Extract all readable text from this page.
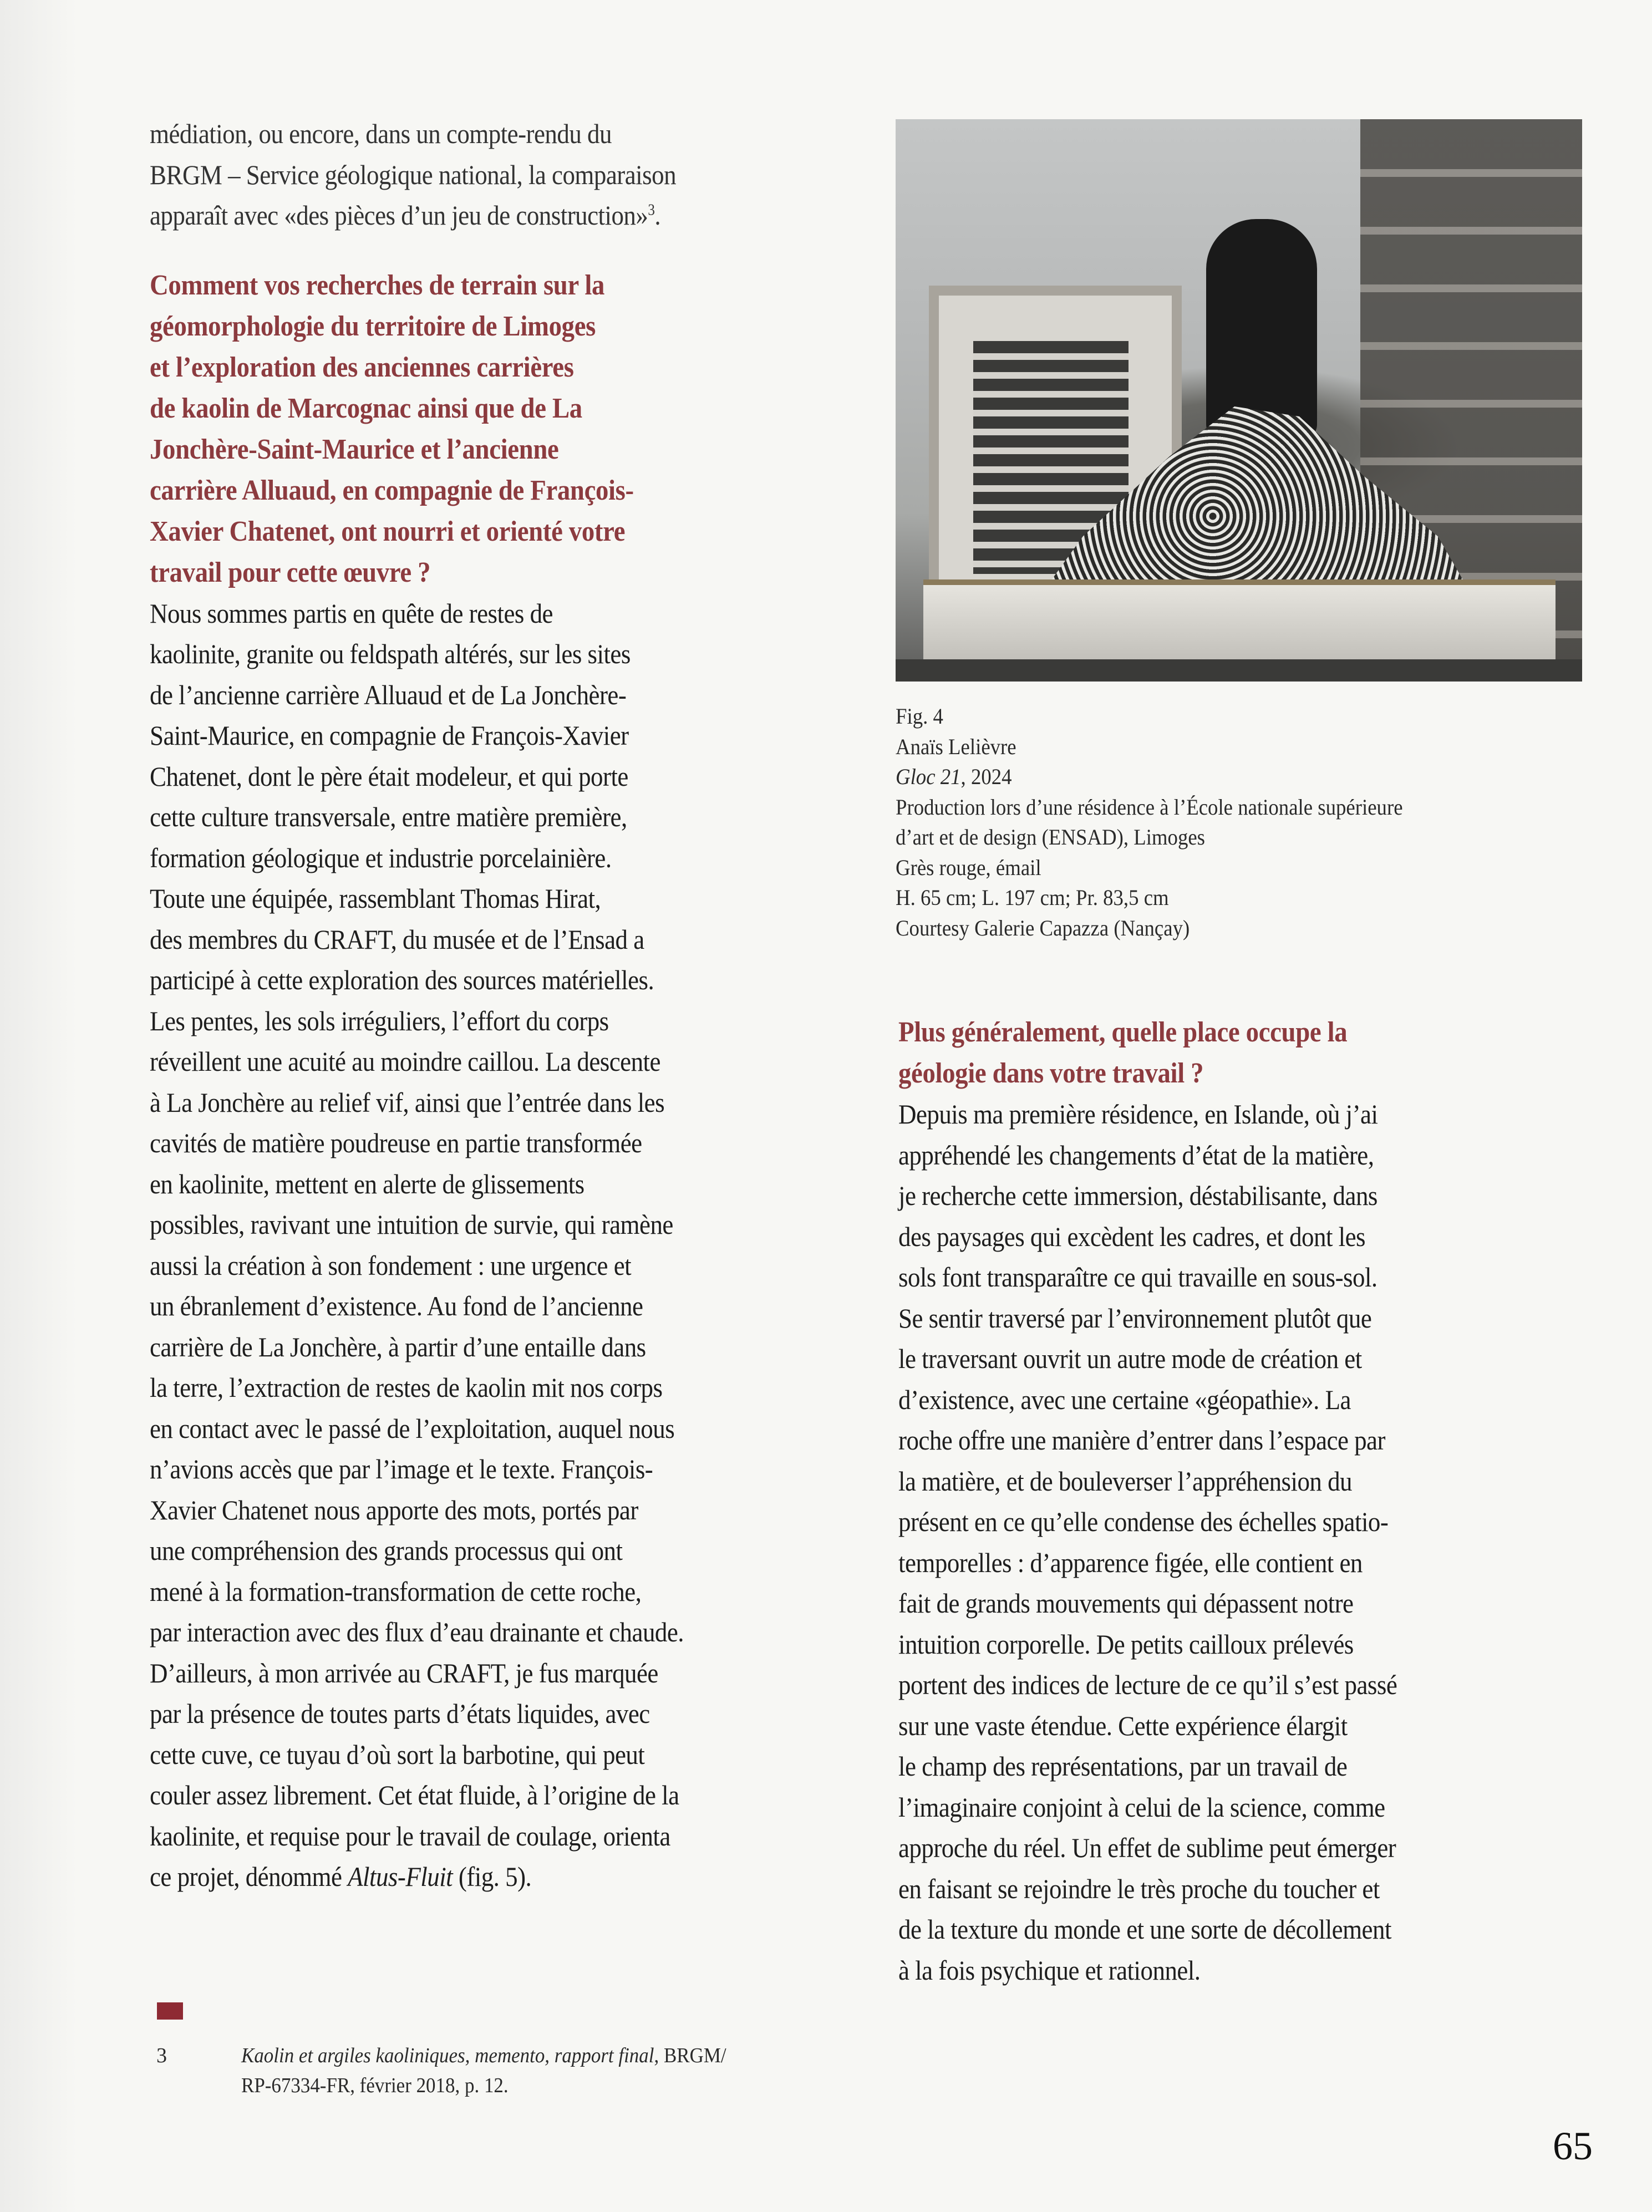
médiation, ou encore, dans un compte-rendu du
BRGM – Service géologique national, la comparaison
apparaît avec «des pièces d’un jeu de construction»$^3$.
Comment vos recherches de terrain sur la
géomorphologie du territoire de Limoges
et l’exploration des anciennes carrières
de kaolin de Marcognac ainsi que de La
Jonchère-Saint-Maurice et l’ancienne
carrière Alluaud, en compagnie de François-
Xavier Chatenet, ont nourri et orienté votre
travail pour cette œuvre ?
Nous sommes partis en quête de restes de
kaolinite, granite ou feldspath altérés, sur les sites
de l’ancienne carrière Alluaud et de La Jonchère-
Saint-Maurice, en compagnie de François-Xavier
Chatenet, dont le père était modeleur, et qui porte
cette culture transversale, entre matière première,
formation géologique et industrie porcelainière.
Toute une équipée, rassemblant Thomas Hirat,
des membres du CRAFT, du musée et de l’Ensad a
participé à cette exploration des sources matérielles.
Les pentes, les sols irréguliers, l’effort du corps
réveillent une acuité au moindre caillou. La descente
à La Jonchère au relief vif, ainsi que l’entrée dans les
cavités de matière poudreuse en partie transformée
en kaolinite, mettent en alerte de glissements
possibles, ravivant une intuition de survie, qui ramène
aussi la création à son fondement : une urgence et
un ébranlement d’existence. Au fond de l’ancienne
carrière de La Jonchère, à partir d’une entaille dans
la terre, l’extraction de restes de kaolin mit nos corps
en contact avec le passé de l’exploitation, auquel nous
n’avions accès que par l’image et le texte. François-
Xavier Chatenet nous apporte des mots, portés par
une compréhension des grands processus qui ont
mené à la formation-transformation de cette roche,
par interaction avec des flux d’eau drainante et chaude.
D’ailleurs, à mon arrivée au CRAFT, je fus marquée
par la présence de toutes parts d’états liquides, avec
cette cuve, ce tuyau d’où sort la barbotine, qui peut
couler assez librement. Cet état fluide, à l’origine de la
kaolinite, et requise pour le travail de coulage, orienta
ce projet, dénommé Altus-Fluit (fig. 5).
Fig. 4
Anaïs Lelièvre
Gloc 21, 2024
Production lors d’une résidence à l’École nationale supérieure
d’art et de design (ENSAD), Limoges
Grès rouge, émail
H. 65 cm; L. 197 cm; Pr. 83,5 cm
Courtesy Galerie Capazza (Nançay)
Plus généralement, quelle place occupe la
géologie dans votre travail ?
Depuis ma première résidence, en Islande, où j’ai
appréhendé les changements d’état de la matière,
je recherche cette immersion, déstabilisante, dans
des paysages qui excèdent les cadres, et dont les
sols font transparaître ce qui travaille en sous-sol.
Se sentir traversé par l’environnement plutôt que
le traversant ouvrit un autre mode de création et
d’existence, avec une certaine «géopathie». La
roche offre une manière d’entrer dans l’espace par
la matière, et de bouleverser l’appréhension du
présent en ce qu’elle condense des échelles spatio-
temporelles : d’apparence figée, elle contient en
fait de grands mouvements qui dépassent notre
intuition corporelle. De petits cailloux prélevés
portent des indices de lecture de ce qu’il s’est passé
sur une vaste étendue. Cette expérience élargit
le champ des représentations, par un travail de
l’imaginaire conjoint à celui de la science, comme
approche du réel. Un effet de sublime peut émerger
en faisant se rejoindre le très proche du toucher et
de la texture du monde et une sorte de décollement
à la fois psychique et rationnel.
3	Kaolin et argiles kaoliniques, memento, rapport final, BRGM/
RP-67334-FR, février 2018, p. 12.
65
